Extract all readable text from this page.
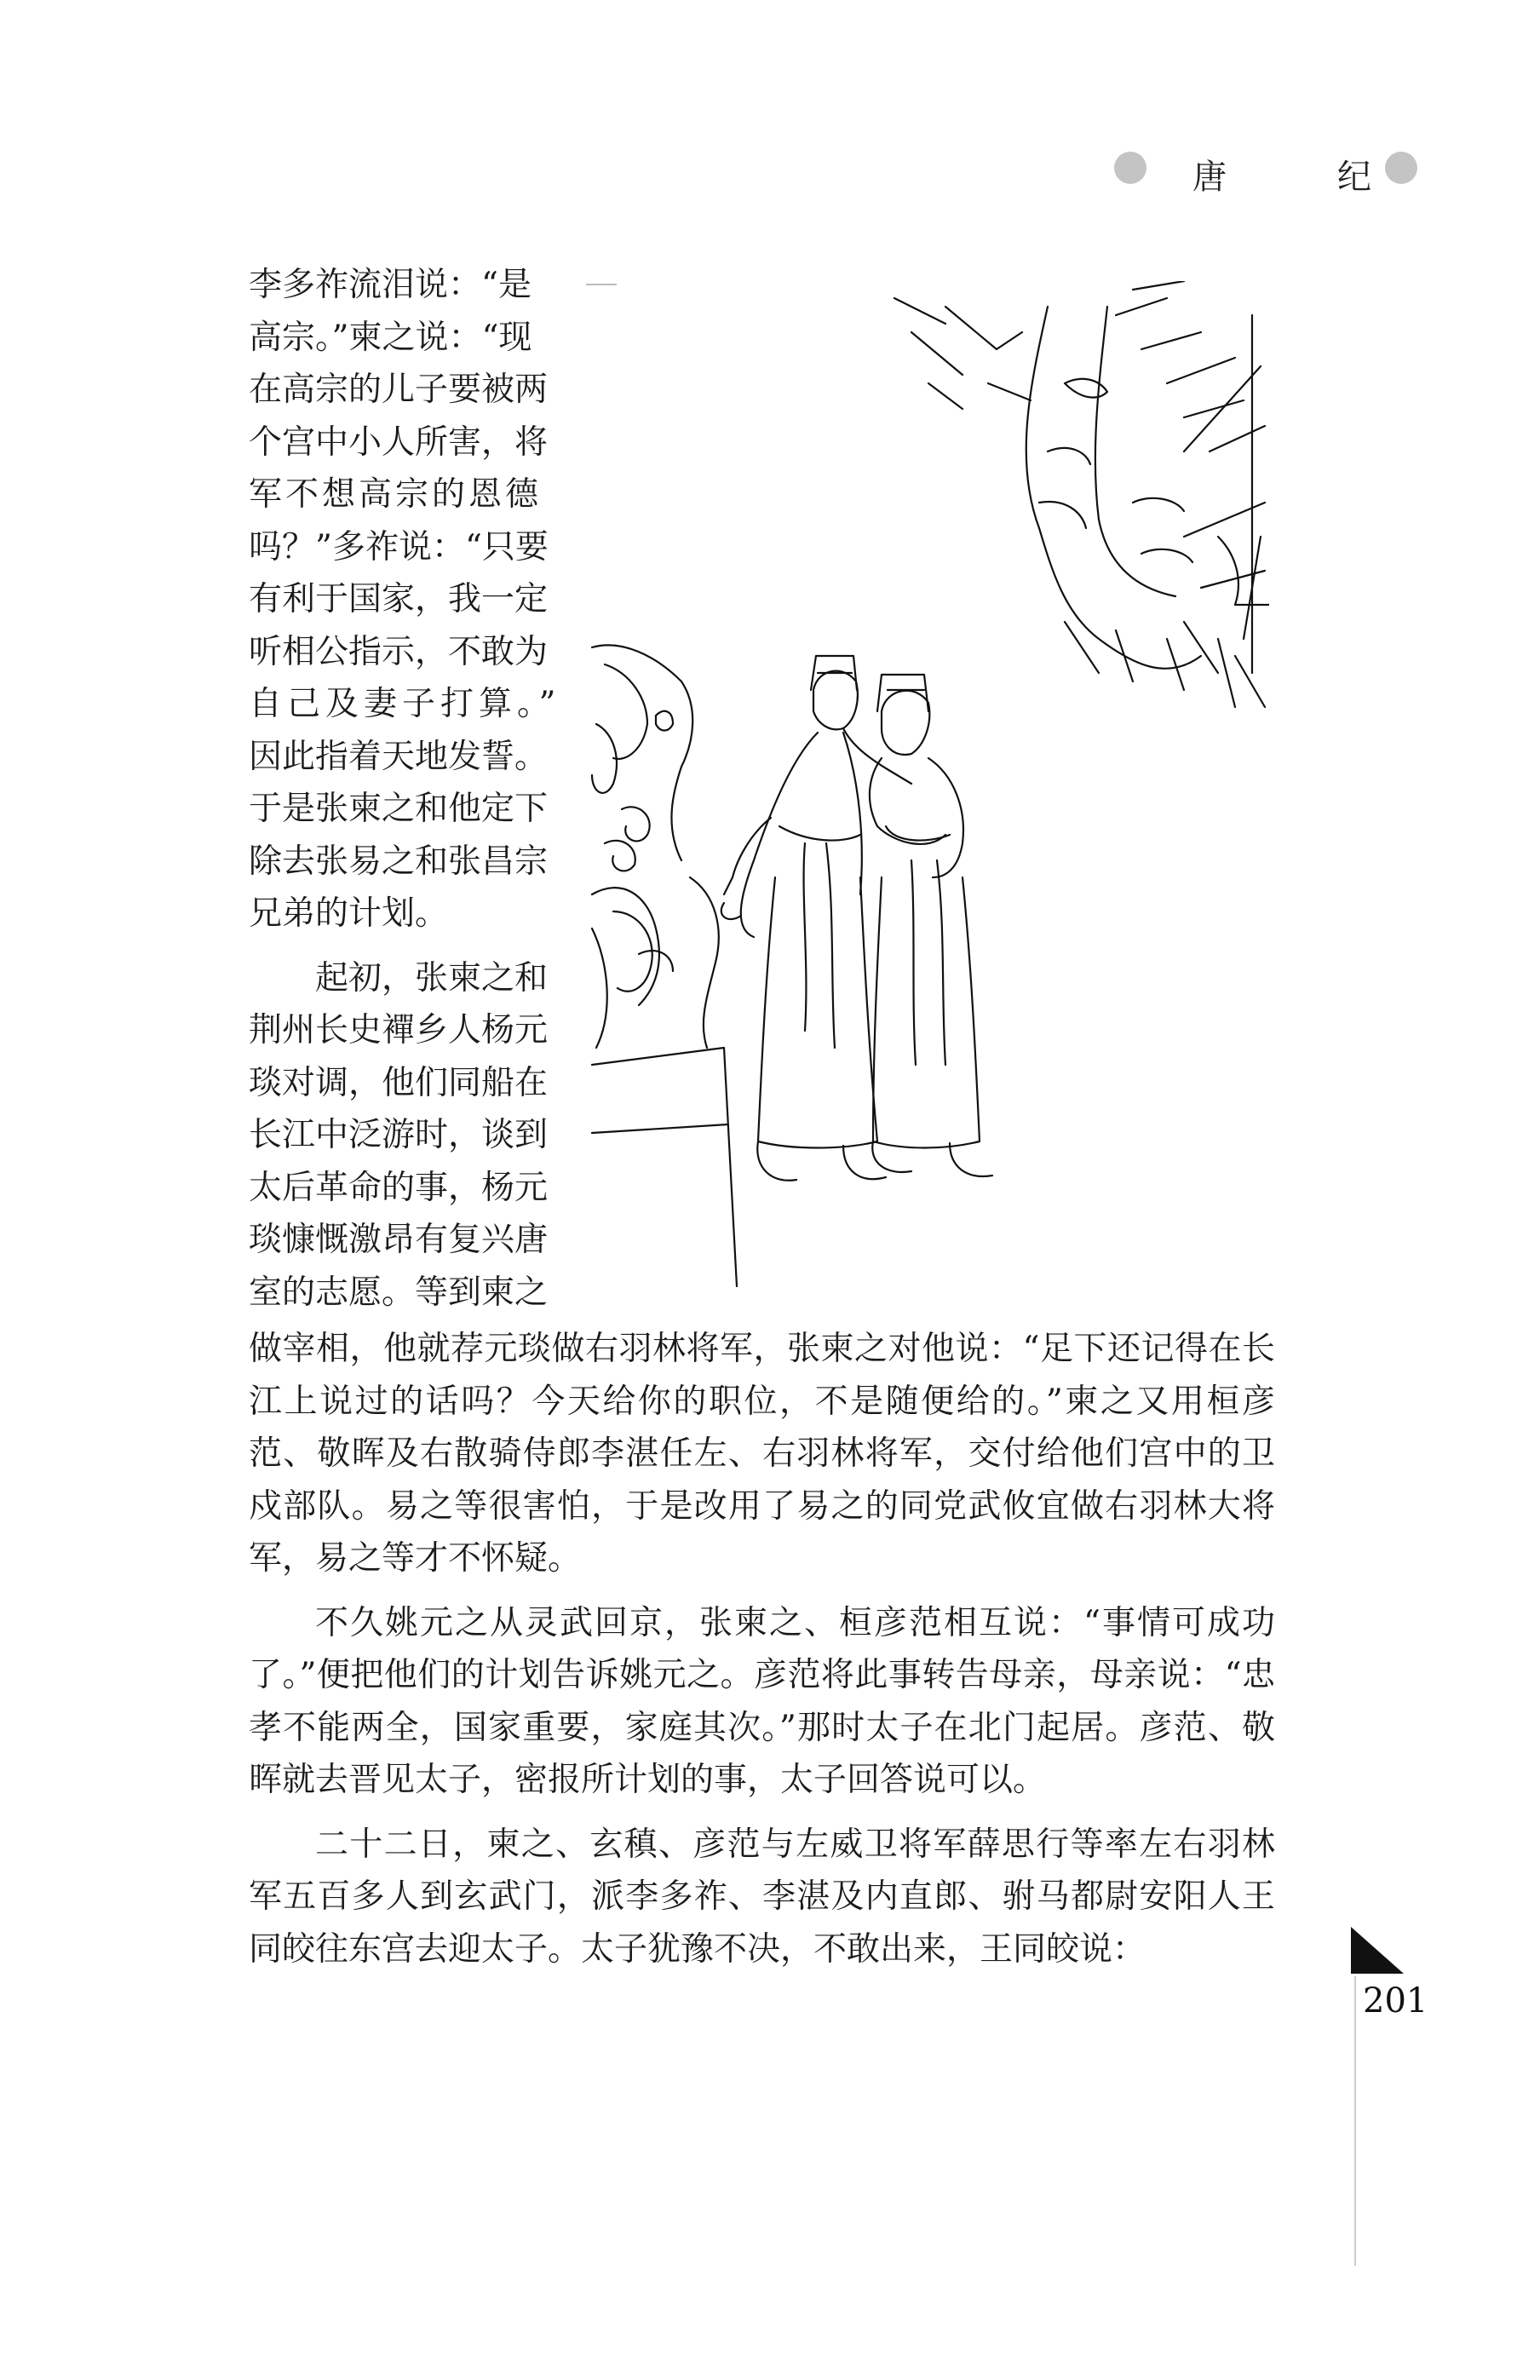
唐	纪

李多祚流泪说：“是

高宗。”柬之说：“现

在高宗的儿子要被两

个宫中小人所害，将

军不想高宗的恩德

吗？”多祚说：“只要

有利于国家，我一定

听相公指示，不敢为

自己及妻子打算。”

因此指着天地发誓。

于是张柬之和他定下

除去张易之和张昌宗

兄弟的计划。

起初，张柬之和

荆州长史襌乡人杨元

琰对调，他们同船在

长江中泛游时，谈到

太后革命的事，杨元

琰慷慨激昂有复兴唐

室的志愿。等到柬之

做宰相，他就荐元琰做右羽林将军，张柬之对他说：“足下还记得在长江上说过的话吗？今天给你的职位，不是随便给的。”柬之又用桓彦范、敬晖及右散骑侍郎李湛任左、右羽林将军，交付给他们宫中的卫戍部队。易之等很害怕，于是改用了易之的同党武攸宜做右羽林大将军，易之等才不怀疑。

不久姚元之从灵武回京，张柬之、桓彦范相互说：“事情可成功了。”便把他们的计划告诉姚元之。彦范将此事转告母亲，母亲说：“忠孝不能两全，国家重要，家庭其次。”那时太子在北门起居。彦范、敬晖就去晋见太子，密报所计划的事，太子回答说可以。

二十二日，柬之、玄稹、彦范与左威卫将军薛思行等率左右羽林军五百多人到玄武门，派李多祚、李湛及内直郎、驸马都尉安阳人王同皎往东宫去迎太子。太子犹豫不决，不敢出来，王同皎说：

201
